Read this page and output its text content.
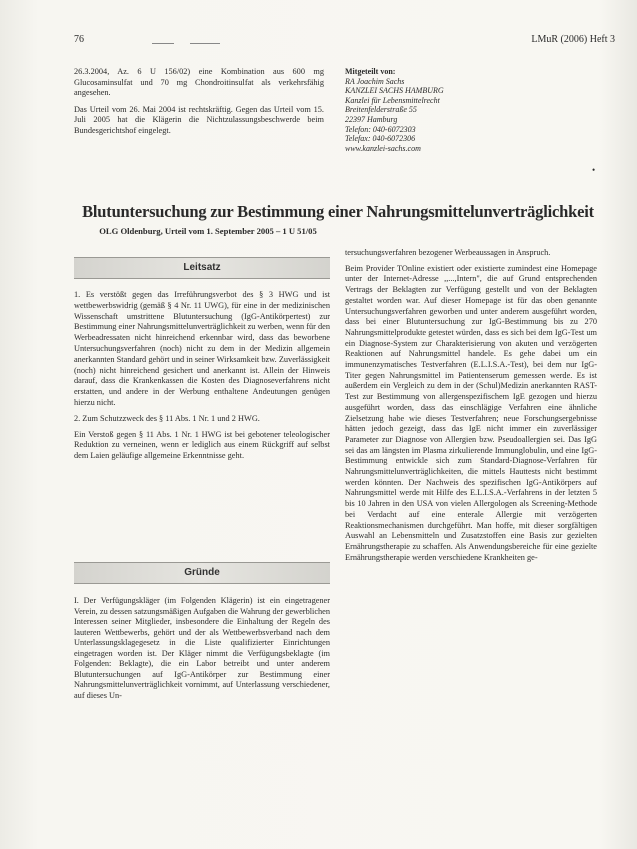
76	LMuR (2006) Heft 3

26.3.2004, Az. 6 U 156/02) eine Kombination aus 600 mg Glucosaminsulfat und 70 mg Chondroitinsulfat als verkehrsfähig angesehen.

Das Urteil vom 26. Mai 2004 ist rechtskräftig. Gegen das Urteil vom 15. Juli 2005 hat die Klägerin die Nichtzulassungsbeschwerde beim Bundesgerichtshof eingelegt.

Mitgeteilt von:
RA Joachim Sachs
KANZLEI SACHS HAMBURG
Kanzlei für Lebensmittelrecht
Breitenfelderstraße 55
22397 Hamburg
Telefon: 040-6072303
Telefax: 040-6072306
www.kanzlei-sachs.com
•
Blutuntersuchung zur Bestimmung einer Nahrungsmittelunverträglichkeit
OLG Oldenburg, Urteil vom 1. September 2005 – 1 U 51/05
Leitsatz

1. Es verstößt gegen das Irreführungsverbot des § 3 HWG und ist wettbewerbswidrig (gemäß § 4 Nr. 11 UWG), für eine in der medizinischen Wissenschaft umstrittene Blutuntersuchung (IgG-Antikörpertest) zur Bestimmung einer Nahrungsmittelunverträglichkeit zu werben, wenn für den Werbeadressaten nicht hinreichend erkennbar wird, dass das beworbene Untersuchungsverfahren (noch) nicht zu dem in der Medizin allgemein anerkannten Standard gehört und in seiner Wirksamkeit bzw. Zuverlässigkeit (noch) nicht hinreichend gesichert und anerkannt ist. Allein der Hinweis darauf, dass die Krankenkassen die Kosten des Diagnoseverfahrens nicht erstatten, und andere in der Werbung enthaltene Andeutungen genügen hierzu nicht.

2. Zum Schutzzweck des § 11 Abs. 1 Nr. 1 und 2 HWG.

Ein Verstoß gegen § 11 Abs. 1 Nr. 1 HWG ist bei gebotener teleologischer Reduktion zu verneinen, wenn er lediglich aus einem Rückgriff auf selbst dem Laien geläufige allgemeine Erkenntnisse geht.

Gründe

I. Der Verfügungskläger (im Folgenden Klägerin) ist ein eingetragener Verein, zu dessen satzungsmäßigen Aufgaben die Wahrung der gewerblichen Interessen seiner Mitglieder, insbesondere die Einhaltung der Regeln des lauteren Wettbewerbs, gehört und der als Wettbewerbsverband nach dem Unterlassungsklagegesetz in die Liste qualifizierter Einrichtungen eingetragen worden ist. Der Kläger nimmt die Verfügungsbeklagte (im Folgenden: Beklagte), die ein Labor betreibt und unter anderem Blutuntersuchungen auf IgG-Antikörper zur Bestimmung einer Nahrungsmittelunverträglichkeit vornimmt, auf Unterlassung verschiedener, auf dieses Un-

tersuchungsverfahren bezogener Werbeaussagen in Anspruch.

Beim Provider TOnline existiert oder existierte zumindest eine Homepage unter der Internet-Adresse ,,...,Intern", die auf Grund entsprechenden Vertrags der Beklagten zur Verfügung gestellt und von der Beklagten gestaltet worden war. Auf dieser Homepage ist für das oben genannte Untersuchungsverfahren geworben und unter anderem ausgeführt worden, dass bei einer Blutuntersuchung zur IgG-Bestimmung bis zu 270 Nahrungsmittelprodukte getestet würden, dass es sich bei dem IgG-Test um ein Diagnose-System zur Charakterisierung von akuten und verzögerten Reaktionen auf Nahrungsmittel handele. Es gehe dabei um ein immunenzymatisches Testverfahren (E.L.I.S.A.-Test), bei dem nur IgG-Titer gegen Nahrungsmittel im Patientenserum gemessen werde. Es ist außerdem ein Vergleich zu dem in der (Schul)Medizin anerkannten RAST-Test zur Bestimmung von allergenspezifischem IgE gezogen und hierzu ausgeführt worden, dass das einschlägige Verfahren eine ähnliche Zielsetzung habe wie dieses Testverfahren; neue Forschungsergebnisse hätten jedoch gezeigt, dass das IgE nicht immer ein zuverlässiger Parameter zur Diagnose von Allergien bzw. Pseudoallergien sei. Das IgG sei das am längsten im Plasma zirkulierende Immunglobulin, und eine IgG-Bestimmung entwickle sich zum Standard-Diagnose-Verfahren für Nahrungsmittelunverträglichkeiten, die mittels Hauttests nicht bestimmt werden könnten. Der Nachweis des spezifischen IgG-Antikörpers auf Nahrungsmittel werde mit Hilfe des E.L.I.S.A.-Verfahrens in der letzten 5 bis 10 Jahren in den USA von vielen Allergologen als Screening-Methode bei Verdacht auf eine enterale Allergie mit verzögerten Reaktionsmechanismen durchgeführt. Man hoffe, mit dieser sorgfältigen Auswahl an Lebensmitteln und Zusatzstoffen eine Basis zur gezielten Ernährungstherapie zu schaffen. Als Anwendungsbereiche für eine gezielte Ernährungstherapie werden verschiedene Krankheiten ge-
